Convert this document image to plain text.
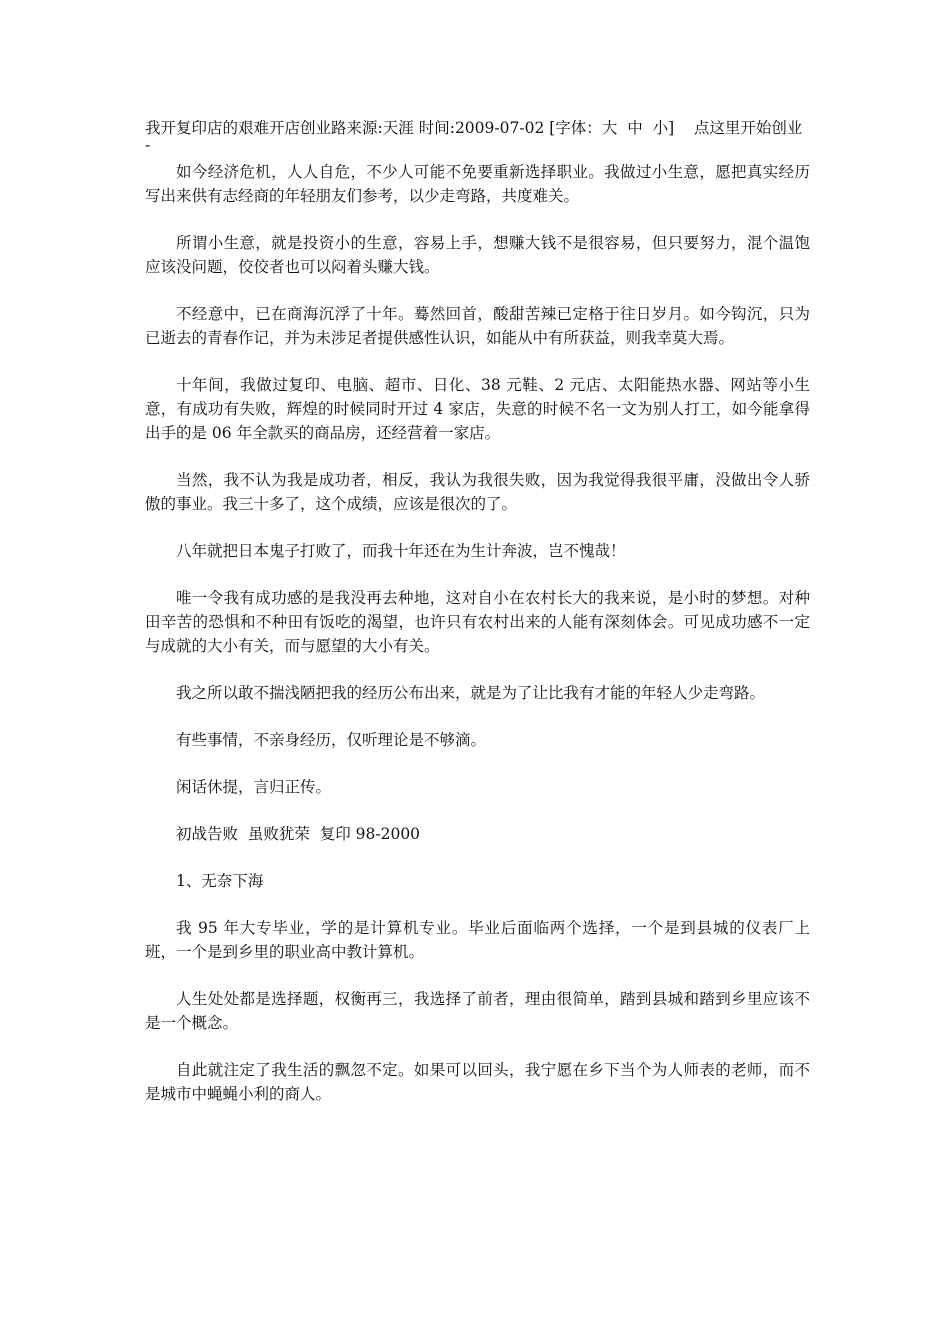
我开复印店的艰难开店创业路来源:天涯 时间:2009-07-02 [字体：大 中 小] 点这里开始创业

-

如今经济危机，人人自危，不少人可能不免要重新选择职业。我做过小生意，愿把真实经历写出来供有志经商的年轻朋友们参考，以少走弯路，共度难关。

所谓小生意，就是投资小的生意，容易上手，想赚大钱不是很容易，但只要努力，混个温饱应该没问题，佼佼者也可以闷着头赚大钱。

不经意中，已在商海沉浮了十年。蓦然回首，酸甜苦辣已定格于往日岁月。如今钩沉，只为已逝去的青春作记，并为未涉足者提供感性认识，如能从中有所获益，则我幸莫大焉。

十年间，我做过复印、电脑、超市、日化、38 元鞋、2 元店、太阳能热水器、网站等小生意，有成功有失败，辉煌的时候同时开过 4 家店，失意的时候不名一文为别人打工，如今能拿得出手的是 06 年全款买的商品房，还经营着一家店。

当然，我不认为我是成功者，相反，我认为我很失败，因为我觉得我很平庸，没做出令人骄傲的事业。我三十多了，这个成绩，应该是很次的了。

八年就把日本鬼子打败了，而我十年还在为生计奔波，岂不愧哉！

唯一令我有成功感的是我没再去种地，这对自小在农村长大的我来说，是小时的梦想。对种田辛苦的恐惧和不种田有饭吃的渴望，也许只有农村出来的人能有深刻体会。可见成功感不一定与成就的大小有关，而与愿望的大小有关。

我之所以敢不揣浅陋把我的经历公布出来，就是为了让比我有才能的年轻人少走弯路。

有些事情，不亲身经历，仅听理论是不够滴。

闲话休提，言归正传。

初战告败  虽败犹荣  复印 98-2000

1、无奈下海

我 95 年大专毕业，学的是计算机专业。毕业后面临两个选择，一个是到县城的仪表厂上班，一个是到乡里的职业高中教计算机。

人生处处都是选择题，权衡再三，我选择了前者，理由很简单，踏到县城和踏到乡里应该不是一个概念。

自此就注定了我生活的飘忽不定。如果可以回头，我宁愿在乡下当个为人师表的老师，而不是城市中蝇蝇小利的商人。
